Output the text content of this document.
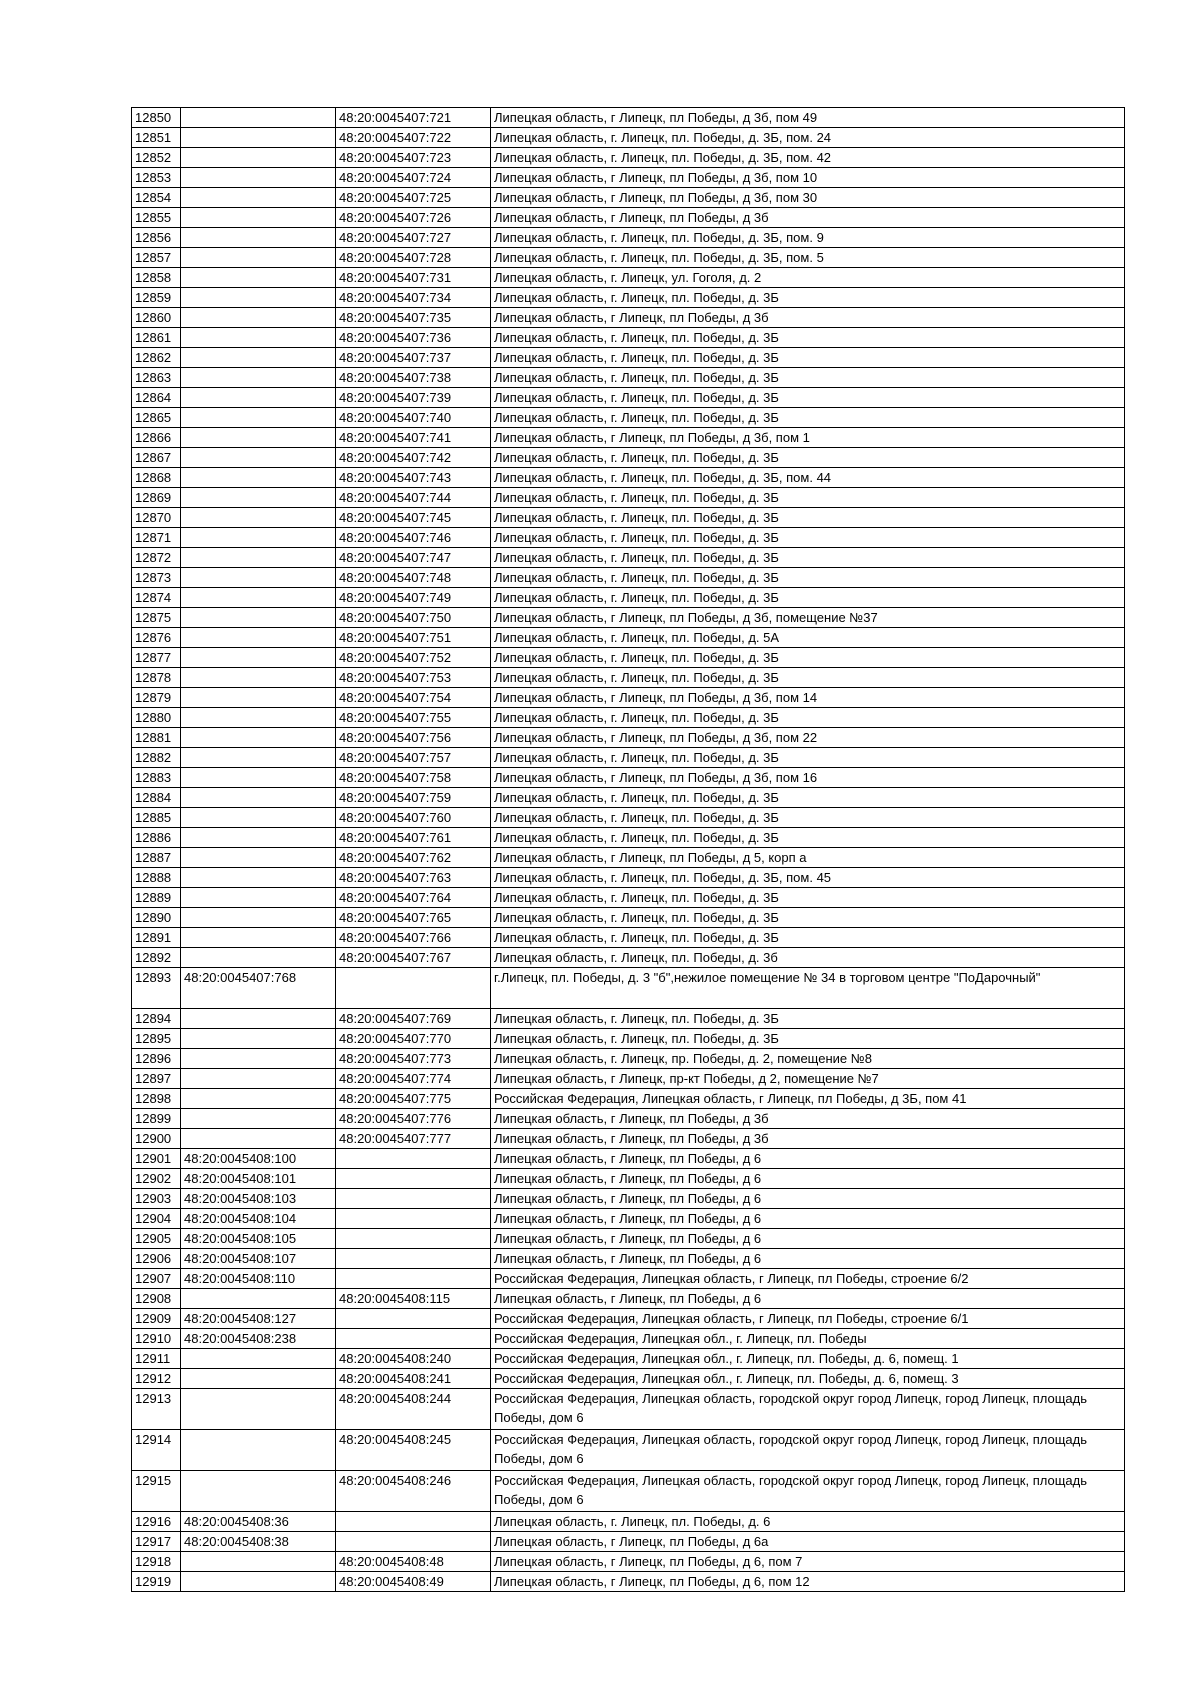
12850		48:20:0045407:721	Липецкая область, г Липецк, пл Победы, д 3б, пом 49
12851		48:20:0045407:722	Липецкая область, г. Липецк, пл. Победы, д. 3Б, пом. 24
12852		48:20:0045407:723	Липецкая область, г. Липецк, пл. Победы, д. 3Б, пом. 42
12853		48:20:0045407:724	Липецкая область, г Липецк, пл Победы, д 3б, пом 10
12854		48:20:0045407:725	Липецкая область, г Липецк, пл Победы, д 3б, пом 30
12855		48:20:0045407:726	Липецкая область, г Липецк, пл Победы, д 3б
12856		48:20:0045407:727	Липецкая область, г. Липецк, пл. Победы, д. 3Б, пом. 9
12857		48:20:0045407:728	Липецкая область, г. Липецк, пл. Победы, д. 3Б, пом. 5
12858		48:20:0045407:731	Липецкая область, г. Липецк, ул. Гоголя, д. 2
12859		48:20:0045407:734	Липецкая область, г. Липецк, пл. Победы, д. 3Б
12860		48:20:0045407:735	Липецкая область, г Липецк, пл Победы, д 3б
12861		48:20:0045407:736	Липецкая область, г. Липецк, пл. Победы, д. 3Б
12862		48:20:0045407:737	Липецкая область, г. Липецк, пл. Победы, д. 3Б
12863		48:20:0045407:738	Липецкая область, г. Липецк, пл. Победы, д. 3Б
12864		48:20:0045407:739	Липецкая область, г. Липецк, пл. Победы, д. 3Б
12865		48:20:0045407:740	Липецкая область, г. Липецк, пл. Победы, д. 3Б
12866		48:20:0045407:741	Липецкая область, г Липецк, пл Победы, д 3б, пом 1
12867		48:20:0045407:742	Липецкая область, г. Липецк, пл. Победы, д. 3Б
12868		48:20:0045407:743	Липецкая область, г. Липецк, пл. Победы, д. 3Б, пом. 44
12869		48:20:0045407:744	Липецкая область, г. Липецк, пл. Победы, д. 3Б
12870		48:20:0045407:745	Липецкая область, г. Липецк, пл. Победы, д. 3Б
12871		48:20:0045407:746	Липецкая область, г. Липецк, пл. Победы, д. 3Б
12872		48:20:0045407:747	Липецкая область, г. Липецк, пл. Победы, д. 3Б
12873		48:20:0045407:748	Липецкая область, г. Липецк, пл. Победы, д. 3Б
12874		48:20:0045407:749	Липецкая область, г. Липецк, пл. Победы, д. 3Б
12875		48:20:0045407:750	Липецкая область, г Липецк, пл Победы, д 3б, помещение №37
12876		48:20:0045407:751	Липецкая область, г. Липецк, пл. Победы, д. 5А
12877		48:20:0045407:752	Липецкая область, г. Липецк, пл. Победы, д. 3Б
12878		48:20:0045407:753	Липецкая область, г. Липецк, пл. Победы, д. 3Б
12879		48:20:0045407:754	Липецкая область, г Липецк, пл Победы, д 3б, пом 14
12880		48:20:0045407:755	Липецкая область, г. Липецк, пл. Победы, д. 3Б
12881		48:20:0045407:756	Липецкая область, г Липецк, пл Победы, д 3б, пом 22
12882		48:20:0045407:757	Липецкая область, г. Липецк, пл. Победы, д. 3Б
12883		48:20:0045407:758	Липецкая область, г Липецк, пл Победы, д 3б, пом 16
12884		48:20:0045407:759	Липецкая область, г. Липецк, пл. Победы, д. 3Б
12885		48:20:0045407:760	Липецкая область, г. Липецк, пл. Победы, д. 3Б
12886		48:20:0045407:761	Липецкая область, г. Липецк, пл. Победы, д. 3Б
12887		48:20:0045407:762	Липецкая область, г Липецк, пл Победы, д 5, корп а
12888		48:20:0045407:763	Липецкая область, г. Липецк, пл. Победы, д. 3Б, пом. 45
12889		48:20:0045407:764	Липецкая область, г. Липецк, пл. Победы, д. 3Б
12890		48:20:0045407:765	Липецкая область, г. Липецк, пл. Победы, д. 3Б
12891		48:20:0045407:766	Липецкая область, г. Липецк, пл. Победы, д. 3Б
12892		48:20:0045407:767	Липецкая область, г. Липецк, пл. Победы, д. 3б
12893	48:20:0045407:768		г.Липецк, пл. Победы, д. 3 "б",нежилое помещение № 34 в торговом центре "ПоДарочный"
12894		48:20:0045407:769	Липецкая область, г. Липецк, пл. Победы, д. 3Б
12895		48:20:0045407:770	Липецкая область, г. Липецк, пл. Победы, д. 3Б
12896		48:20:0045407:773	Липецкая область, г. Липецк, пр. Победы, д. 2, помещение №8
12897		48:20:0045407:774	Липецкая область, г Липецк, пр-кт Победы, д 2, помещение №7
12898		48:20:0045407:775	Российская Федерация, Липецкая область, г Липецк, пл Победы, д 3Б, пом 41
12899		48:20:0045407:776	Липецкая область, г Липецк, пл Победы, д 3б
12900		48:20:0045407:777	Липецкая область, г Липецк, пл Победы, д 3б
12901	48:20:0045408:100		Липецкая область, г Липецк, пл Победы, д 6
12902	48:20:0045408:101		Липецкая область, г Липецк, пл Победы, д 6
12903	48:20:0045408:103		Липецкая область, г Липецк, пл Победы, д 6
12904	48:20:0045408:104		Липецкая область, г Липецк, пл Победы, д 6
12905	48:20:0045408:105		Липецкая область, г Липецк, пл Победы, д 6
12906	48:20:0045408:107		Липецкая область, г Липецк, пл Победы, д 6
12907	48:20:0045408:110		Российская Федерация, Липецкая область, г Липецк, пл Победы, строение 6/2
12908		48:20:0045408:115	Липецкая область, г Липецк, пл Победы, д 6
12909	48:20:0045408:127		Российская Федерация, Липецкая область, г Липецк, пл Победы, строение 6/1
12910	48:20:0045408:238		Российская Федерация, Липецкая обл., г. Липецк, пл. Победы
12911		48:20:0045408:240	Российская Федерация, Липецкая обл., г. Липецк, пл. Победы, д. 6, помещ. 1
12912		48:20:0045408:241	Российская Федерация, Липецкая обл., г. Липецк, пл. Победы, д. 6, помещ. 3
12913		48:20:0045408:244	Российская Федерация, Липецкая область, городской округ город Липецк, город Липецк, площадь Победы, дом 6
12914		48:20:0045408:245	Российская Федерация, Липецкая область, городской округ город Липецк, город Липецк, площадь Победы, дом 6
12915		48:20:0045408:246	Российская Федерация, Липецкая область, городской округ город Липецк, город Липецк, площадь Победы, дом 6
12916	48:20:0045408:36		Липецкая область, г. Липецк, пл. Победы, д. 6
12917	48:20:0045408:38		Липецкая область, г Липецк, пл Победы, д 6а
12918		48:20:0045408:48	Липецкая область, г Липецк, пл Победы, д 6, пом 7
12919		48:20:0045408:49	Липецкая область, г Липецк, пл Победы, д 6, пом 12
